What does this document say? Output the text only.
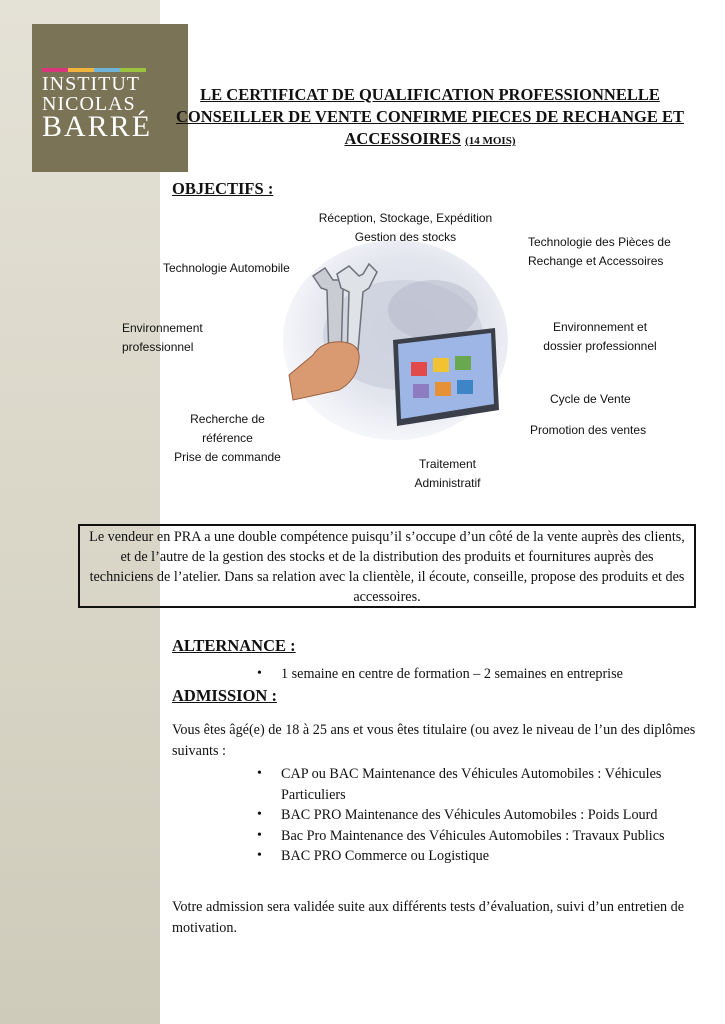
INSTITUT
NICOLAS
BARRÉ
LE CERTIFICAT DE QUALIFICATION PROFESSIONNELLE
CONSEILLER DE VENTE CONFIRME PIECES DE RECHANGE ET
ACCESSOIRES (14 MOIS)
OBJECTIFS :
Réception, Stockage, Expédition
Gestion des stocks	Technologie des Pièces de
Rechange et Accessoires
Technologie Automobile
Environnement
professionnel
Environnement et
dossier professionnel
Cycle de Vente
Promotion des ventes
Recherche de
référence
Prise de commande	Traitement
Administratif
Le vendeur en PRA a une double compétence puisqu’il s’occupe d’un côté de la vente auprès des clients, et de l’autre de la gestion des stocks et de la distribution des produits et fournitures auprès des techniciens de l’atelier. Dans sa relation avec la clientèle, il écoute, conseille, propose des produits et des accessoires.
ALTERNANCE :
• 1 semaine en centre de formation – 2 semaines en entreprise
ADMISSION :
Vous êtes âgé(e) de 18 à 25 ans et vous êtes titulaire (ou avez le niveau de l’un des diplômes suivants :
• CAP ou BAC Maintenance des Véhicules Automobiles : Véhicules Particuliers
• BAC PRO Maintenance des Véhicules Automobiles : Poids Lourd
• Bac Pro Maintenance des Véhicules Automobiles : Travaux Publics
• BAC PRO Commerce ou Logistique
Votre admission sera validée suite aux différents tests d’évaluation, suivi d’un entretien de motivation.
